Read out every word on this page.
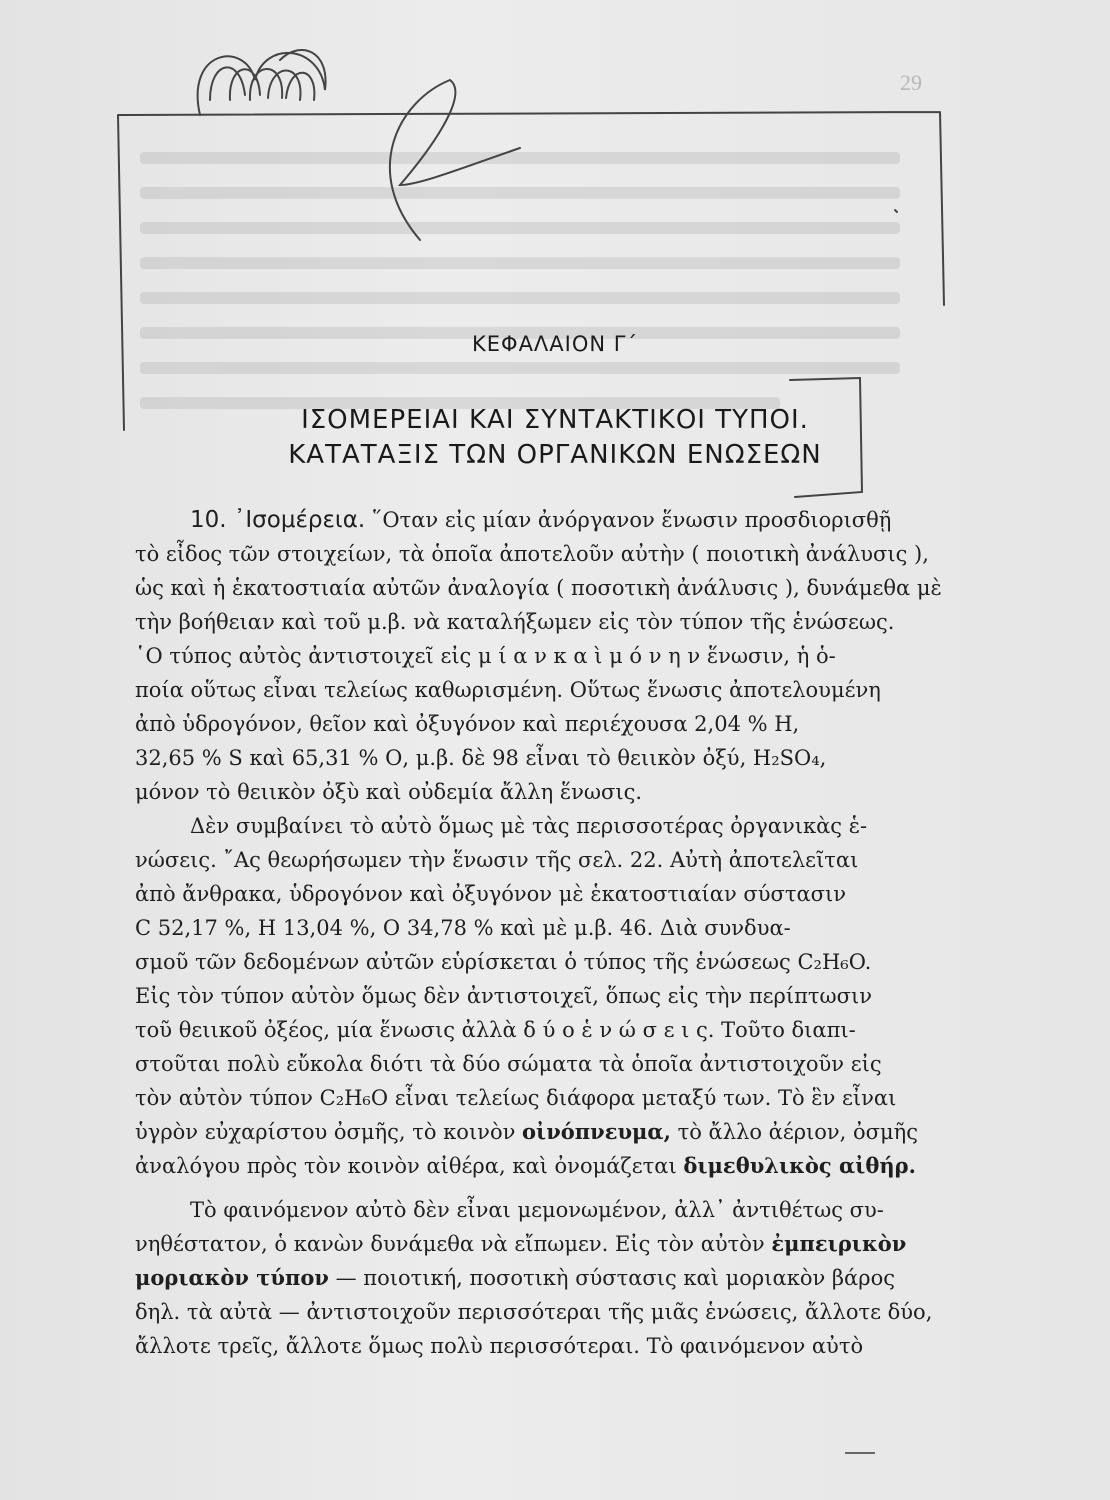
29
ΚΕΦΑΛΑΙΟΝ Γ΄
ΙΣΟΜΕΡΕΙΑΙ ΚΑΙ ΣΥΝΤΑΚΤΙΚΟΙ ΤΥΠΟΙ.
ΚΑΤΑΤΑΞΙΣ ΤΩΝ ΟΡΓΑΝΙΚΩΝ ΕΝΩΣΕΩΝ
10. ᾿Ισομέρεια. ῞Οταν εἰς μίαν ἀνόργανον ἕνωσιν προσδιορισθῇ
τὸ εἶδος τῶν στοιχείων, τὰ ὁποῖα ἀποτελοῦν αὐτὴν ( ποιοτικὴ ἀνάλυσις ),
ὡς καὶ ἡ ἑκατοστιαία αὐτῶν ἀναλογία ( ποσοτικὴ ἀνάλυσις ), δυνάμεθα μὲ
τὴν βοήθειαν καὶ τοῦ μ.β. νὰ καταλήξωμεν εἰς τὸν τύπον τῆς ἑνώσεως.
῾Ο τύπος αὐτὸς ἀντιστοιχεῖ εἰς μ ί α ν κ α ὶ μ ό ν η ν ἕνωσιν, ἡ ὁ-
ποία οὕτως εἶναι τελείως καθωρισμένη. Οὕτως ἕνωσις ἀποτελουμένη
ἀπὸ ὑδρογόνον, θεῖον καὶ ὀξυγόνον καὶ περιέχουσα 2,04 % Η,
32,65 % S καὶ 65,31 % Ο, μ.β. δὲ 98 εἶναι τὸ θειικὸν ὀξύ, H₂SO₄,
μόνον τὸ θειικὸν ὀξὺ καὶ οὐδεμία ἄλλη ἕνωσις.
Δὲν συμβαίνει τὸ αὐτὸ ὅμως μὲ τὰς περισσοτέρας ὀργανικὰς ἑ-
νώσεις. ῎Ας θεωρήσωμεν τὴν ἕνωσιν τῆς σελ. 22. Αὐτὴ ἀποτελεῖται
ἀπὸ ἄνθρακα, ὑδρογόνον καὶ ὀξυγόνον μὲ ἑκατοστιαίαν σύστασιν
C 52,17 %, H 13,04 %, O 34,78 % καὶ μὲ μ.β. 46. Διὰ συνδυα-
σμοῦ τῶν δεδομένων αὐτῶν εὑρίσκεται ὁ τύπος τῆς ἑνώσεως C₂H₆O.
Εἰς τὸν τύπον αὐτὸν ὅμως δὲν ἀντιστοιχεῖ, ὅπως εἰς τὴν περίπτωσιν
τοῦ θειικοῦ ὀξέος, μία ἕνωσις ἀλλὰ δ ύ ο ἑ ν ώ σ ε ι ς. Τοῦτο διαπι-
στοῦται πολὺ εὔκολα διότι τὰ δύο σώματα τὰ ὁποῖα ἀντιστοιχοῦν εἰς
τὸν αὐτὸν τύπον C₂H₆O εἶναι τελείως διάφορα μεταξύ των. Τὸ ἓν εἶναι
ὑγρὸν εὐχαρίστου ὀσμῆς, τὸ κοινὸν οἰνόπνευμα, τὸ ἄλλο ἀέριον, ὀσμῆς
ἀναλόγου πρὸς τὸν κοινὸν αἰθέρα, καὶ ὀνομάζεται διμεθυλικὸς αἰθήρ.
Τὸ φαινόμενον αὐτὸ δὲν εἶναι μεμονωμένον, ἀλλ᾿ ἀντιθέτως συ-
νηθέστατον, ὁ κανὼν δυνάμεθα νὰ εἴπωμεν. Εἰς τὸν αὐτὸν ἐμπειρικὸν
μοριακὸν τύπον — ποιοτική, ποσοτικὴ σύστασις καὶ μοριακὸν βάρος
δηλ. τὰ αὐτὰ — ἀντιστοιχοῦν περισσότεραι τῆς μιᾶς ἑνώσεις, ἄλλοτε δύο,
ἄλλοτε τρεῖς, ἄλλοτε ὅμως πολὺ περισσότεραι. Τὸ φαινόμενον αὐτὸ
